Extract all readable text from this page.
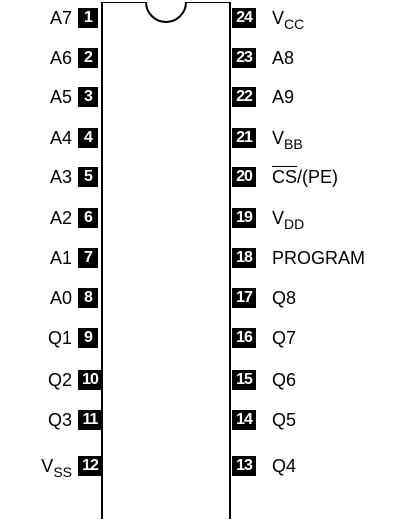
A7
A6
A5
A4
A3
A2
A1
A0
Q1
Q2
Q3
$V_{SS}$
1
2
3
4
5
6
7
8
9
10
11
12	13 Q4
14 Q5
15 Q6
16 Q7
17 Q8
18 PROGRAM
19 $V_{DD}$
20 $\overline{CS}/(PE)$
21 $V_{BB}$
22 A9
23 A8
24 $V_{CC}$
